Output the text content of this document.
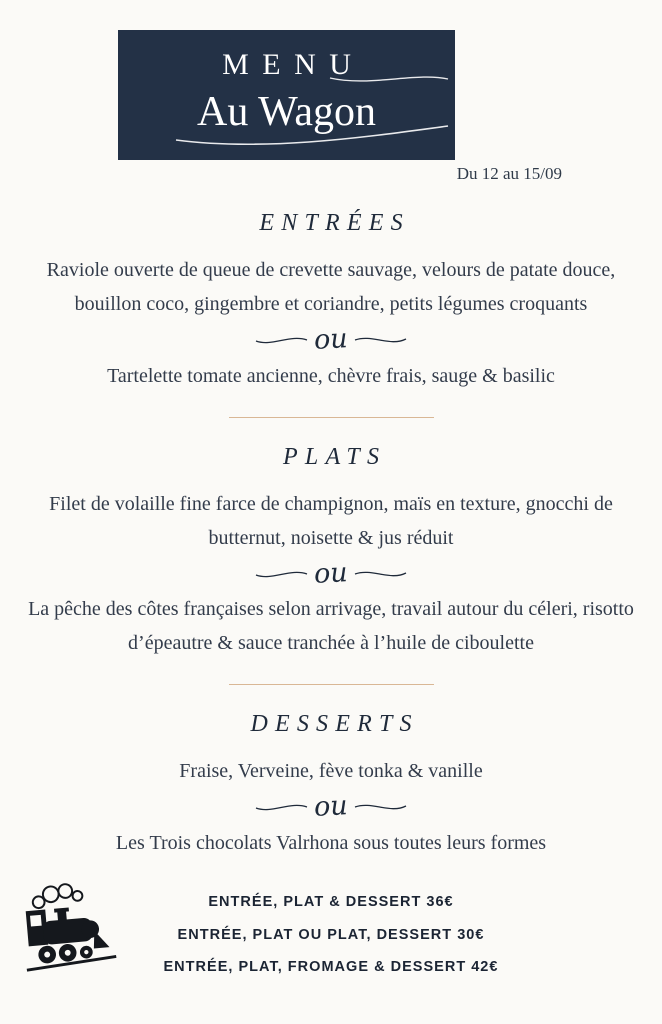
MENU
Au Wagon
Du 12 au 15/09
ENTRÉES

Raviole ouverte de queue de crevette sauvage, velours de patate douce, bouillon coco, gingembre et coriandre, petits légumes croquants

ou

Tartelette tomate ancienne, chèvre frais, sauge & basilic

PLATS

Filet de volaille fine farce de champignon, maïs en texture, gnocchi de butternut, noisette & jus réduit

ou

La pêche des côtes françaises selon arrivage, travail autour du céleri, risotto d’épeautre & sauce tranchée à l’huile de ciboulette

DESSERTS

Fraise, Verveine, fève tonka & vanille

ou

Les Trois chocolats Valrhona sous toutes leurs formes

ENTRÉE, PLAT & DESSERT 36€
ENTRÉE, PLAT OU PLAT, DESSERT 30€
ENTRÉE, PLAT, FROMAGE & DESSERT 42€
